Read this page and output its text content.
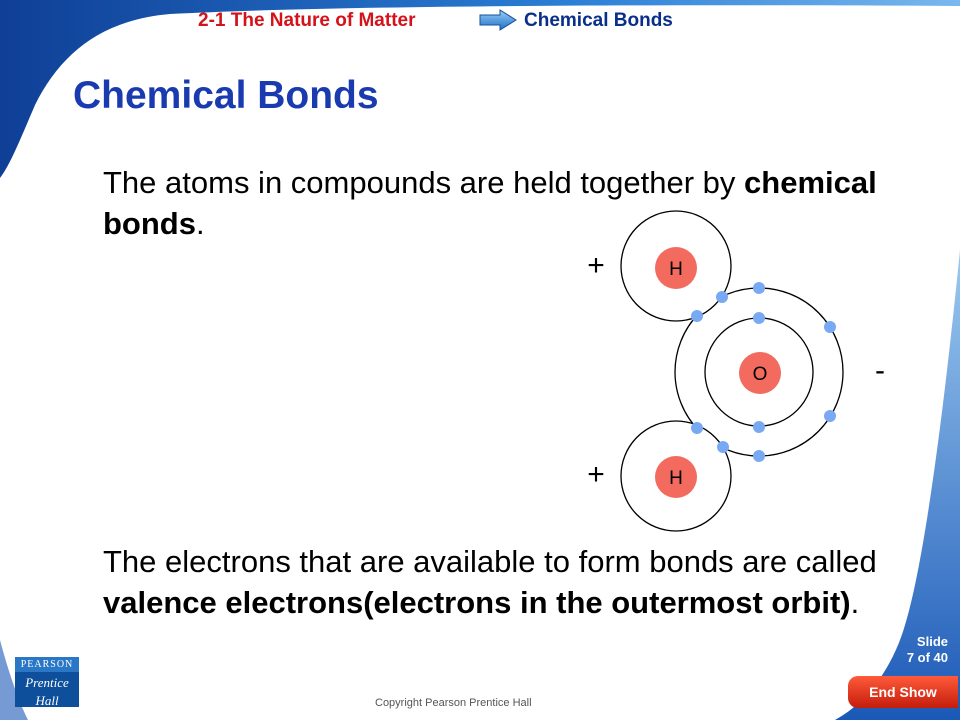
2-1 The Nature of Matter	Chemical Bonds
Chemical Bonds
The atoms in compounds are held together by chemical bonds.
H
H
O
+
+
-
The electrons that are available to form bonds are called valence electrons(electrons in the outermost orbit).
PEARSON
Prentice
Hall	Copyright Pearson Prentice Hall
Slide
7 of 40
End Show
